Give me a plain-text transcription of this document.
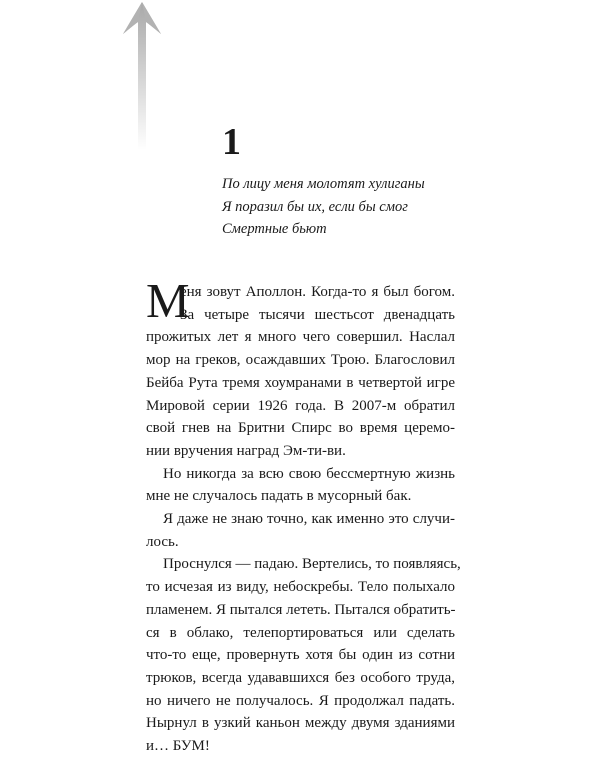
1
По лицу меня молотят хулиганы
Я поразил бы их, если бы смог
Смертные бьют

М
еня зовут Аполлон. Когда-то я был богом.
За четыре тысячи шестьсот двенадцать
прожитых лет я много чего совершил. Наслал
мор на греков, осаждавших Трою. Благословил
Бейба Рута тремя хоумранами в четвертой игре
Мировой серии 1926 года. В 2007-м обратил
свой гнев на Бритни Спирс во время церемо-
нии вручения наград Эм-ти-ви.

Но никогда за всю свою бессмертную жизнь
мне не случалось падать в мусорный бак.

Я даже не знаю точно, как именно это случи-
лось.

Проснулся — падаю. Вертелись, то появляясь,
то исчезая из виду, небоскребы. Тело полыхало
пламенем. Я пытался лететь. Пытался обратить-
ся в облако, телепортироваться или сделать
что-то еще, провернуть хотя бы один из сотни
трюков, всегда удававшихся без особого труда,
но ничего не получалось. Я продолжал падать.
Нырнул в узкий каньон между двумя зданиями
и… БУМ!
